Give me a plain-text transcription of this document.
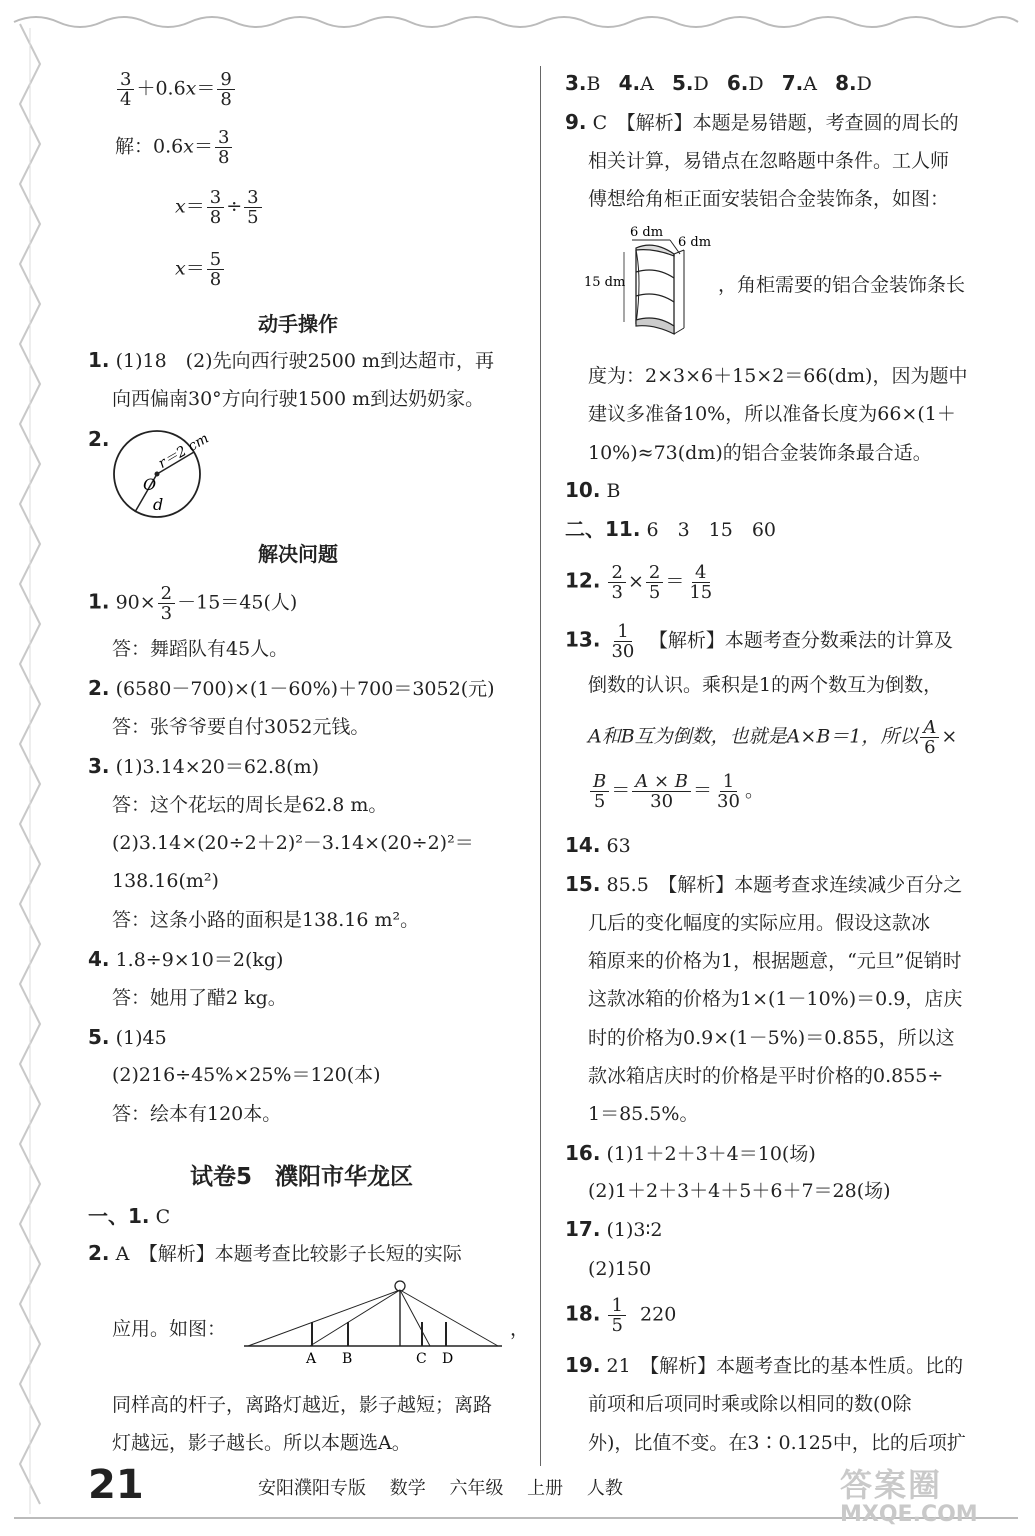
$\frac{3}{4} +0.6x= \frac{9}{8}$
解：$0.6x= \frac{3}{8}$
$x= \frac{3}{8} \div \frac{3}{5}$
$x= \frac{5}{8}$
动手操作
1. (1)18　(2)先向西行驶2500 m到达超市，再
向西偏南30°方向行驶1500 m到达奶奶家。
2.	r＝2 cm
O
d
解决问题
1. $90\times \frac{2}{3} -15=45$(人)
答：舞蹈队有45人。
2. (6580－700)×(1－60%)＋700＝3052(元)
答：张爷爷要自付3052元钱。
3. (1)3.14×20＝62.8(m)
答：这个花坛的周长是62.8 m。
(2)3.14×(20÷2＋2)²－3.14×(20÷2)²＝
138.16(m²)
答：这条小路的面积是138.16 m²。
4. 1.8÷9×10＝2(kg)
答：她用了醋2 kg。
5. (1)45
(2)216÷45%×25%＝120(本)
答：绘本有120本。
试卷5　濮阳市华龙区
一、1. C
2. A　【解析】本题考查比较影子长短的实际
应用。如图：
A B	C D
，
同样高的杆子，离路灯越近，影子越短；离路
灯越远，影子越长。所以本题选A。
3.B 4.A 5.D 6.D 7.A 8.D
9. C　【解析】本题是易错题，考查圆的周长的
相关计算，易错点在忽略题中条件。工人师
傅想给角柜正面安装铝合金装饰条，如图：
6 dm
6 dm
15 dm	，角柜需要的铝合金装饰条长
度为：2×3×6＋15×2＝66(dm)，因为题中
建议多准备10%，所以准备长度为66×(1＋
10%)≈73(dm)的铝合金装饰条最合适。
10. B
二、11. 6　3　15　60
12. $\frac{2}{3} \times \frac{2}{5} = \frac{4}{15}$
13. $\frac{1}{30}$ 　【解析】本题考查分数乘法的计算及
倒数的认识。乘积是1的两个数互为倒数，
A和B互为倒数，也就是A×B＝1，所以 $\frac{A}{6}$ ×
$\frac{B}{5} = \frac{A \times B}{30} = \frac{1}{30}$ 。
14. 63
15. 85.5　【解析】本题考查求连续减少百分之
几后的变化幅度的实际应用。假设这款冰
箱原来的价格为1，根据题意，“元旦”促销时
这款冰箱的价格为1×(1－10%)＝0.9，店庆
时的价格为0.9×(1－5%)＝0.855，所以这
款冰箱店庆时的价格是平时价格的0.855÷
1＝85.5%。
16. (1)1＋2＋3＋4＝10(场)
(2)1＋2＋3＋4＋5＋6＋7＝28(场)
17. (1)3∶2
(2)150
18. $\frac{1}{5} 220$
19. 21　【解析】本题考查比的基本性质。比的
前项和后项同时乘或除以相同的数(0除
外)，比值不变。在3∶0.125中，比的后项扩
21	安阳濮阳专版 数学 六年级 上册 人教	答案圈
MXQE.COM
